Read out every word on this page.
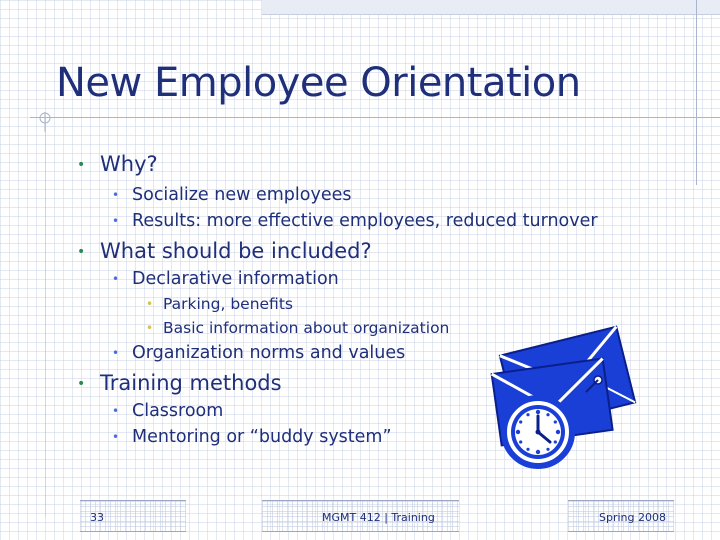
New Employee Orientation
• Why?
• Socialize new employees
• Results: more effective employees, reduced turnover
• What should be included?
• Declarative information
• Parking, benefits
• Basic information about organization
• Organization norms and values
• Training methods
• Classroom
• Mentoring or “buddy system”
33	MGMT 412 | Training	Spring 2008
